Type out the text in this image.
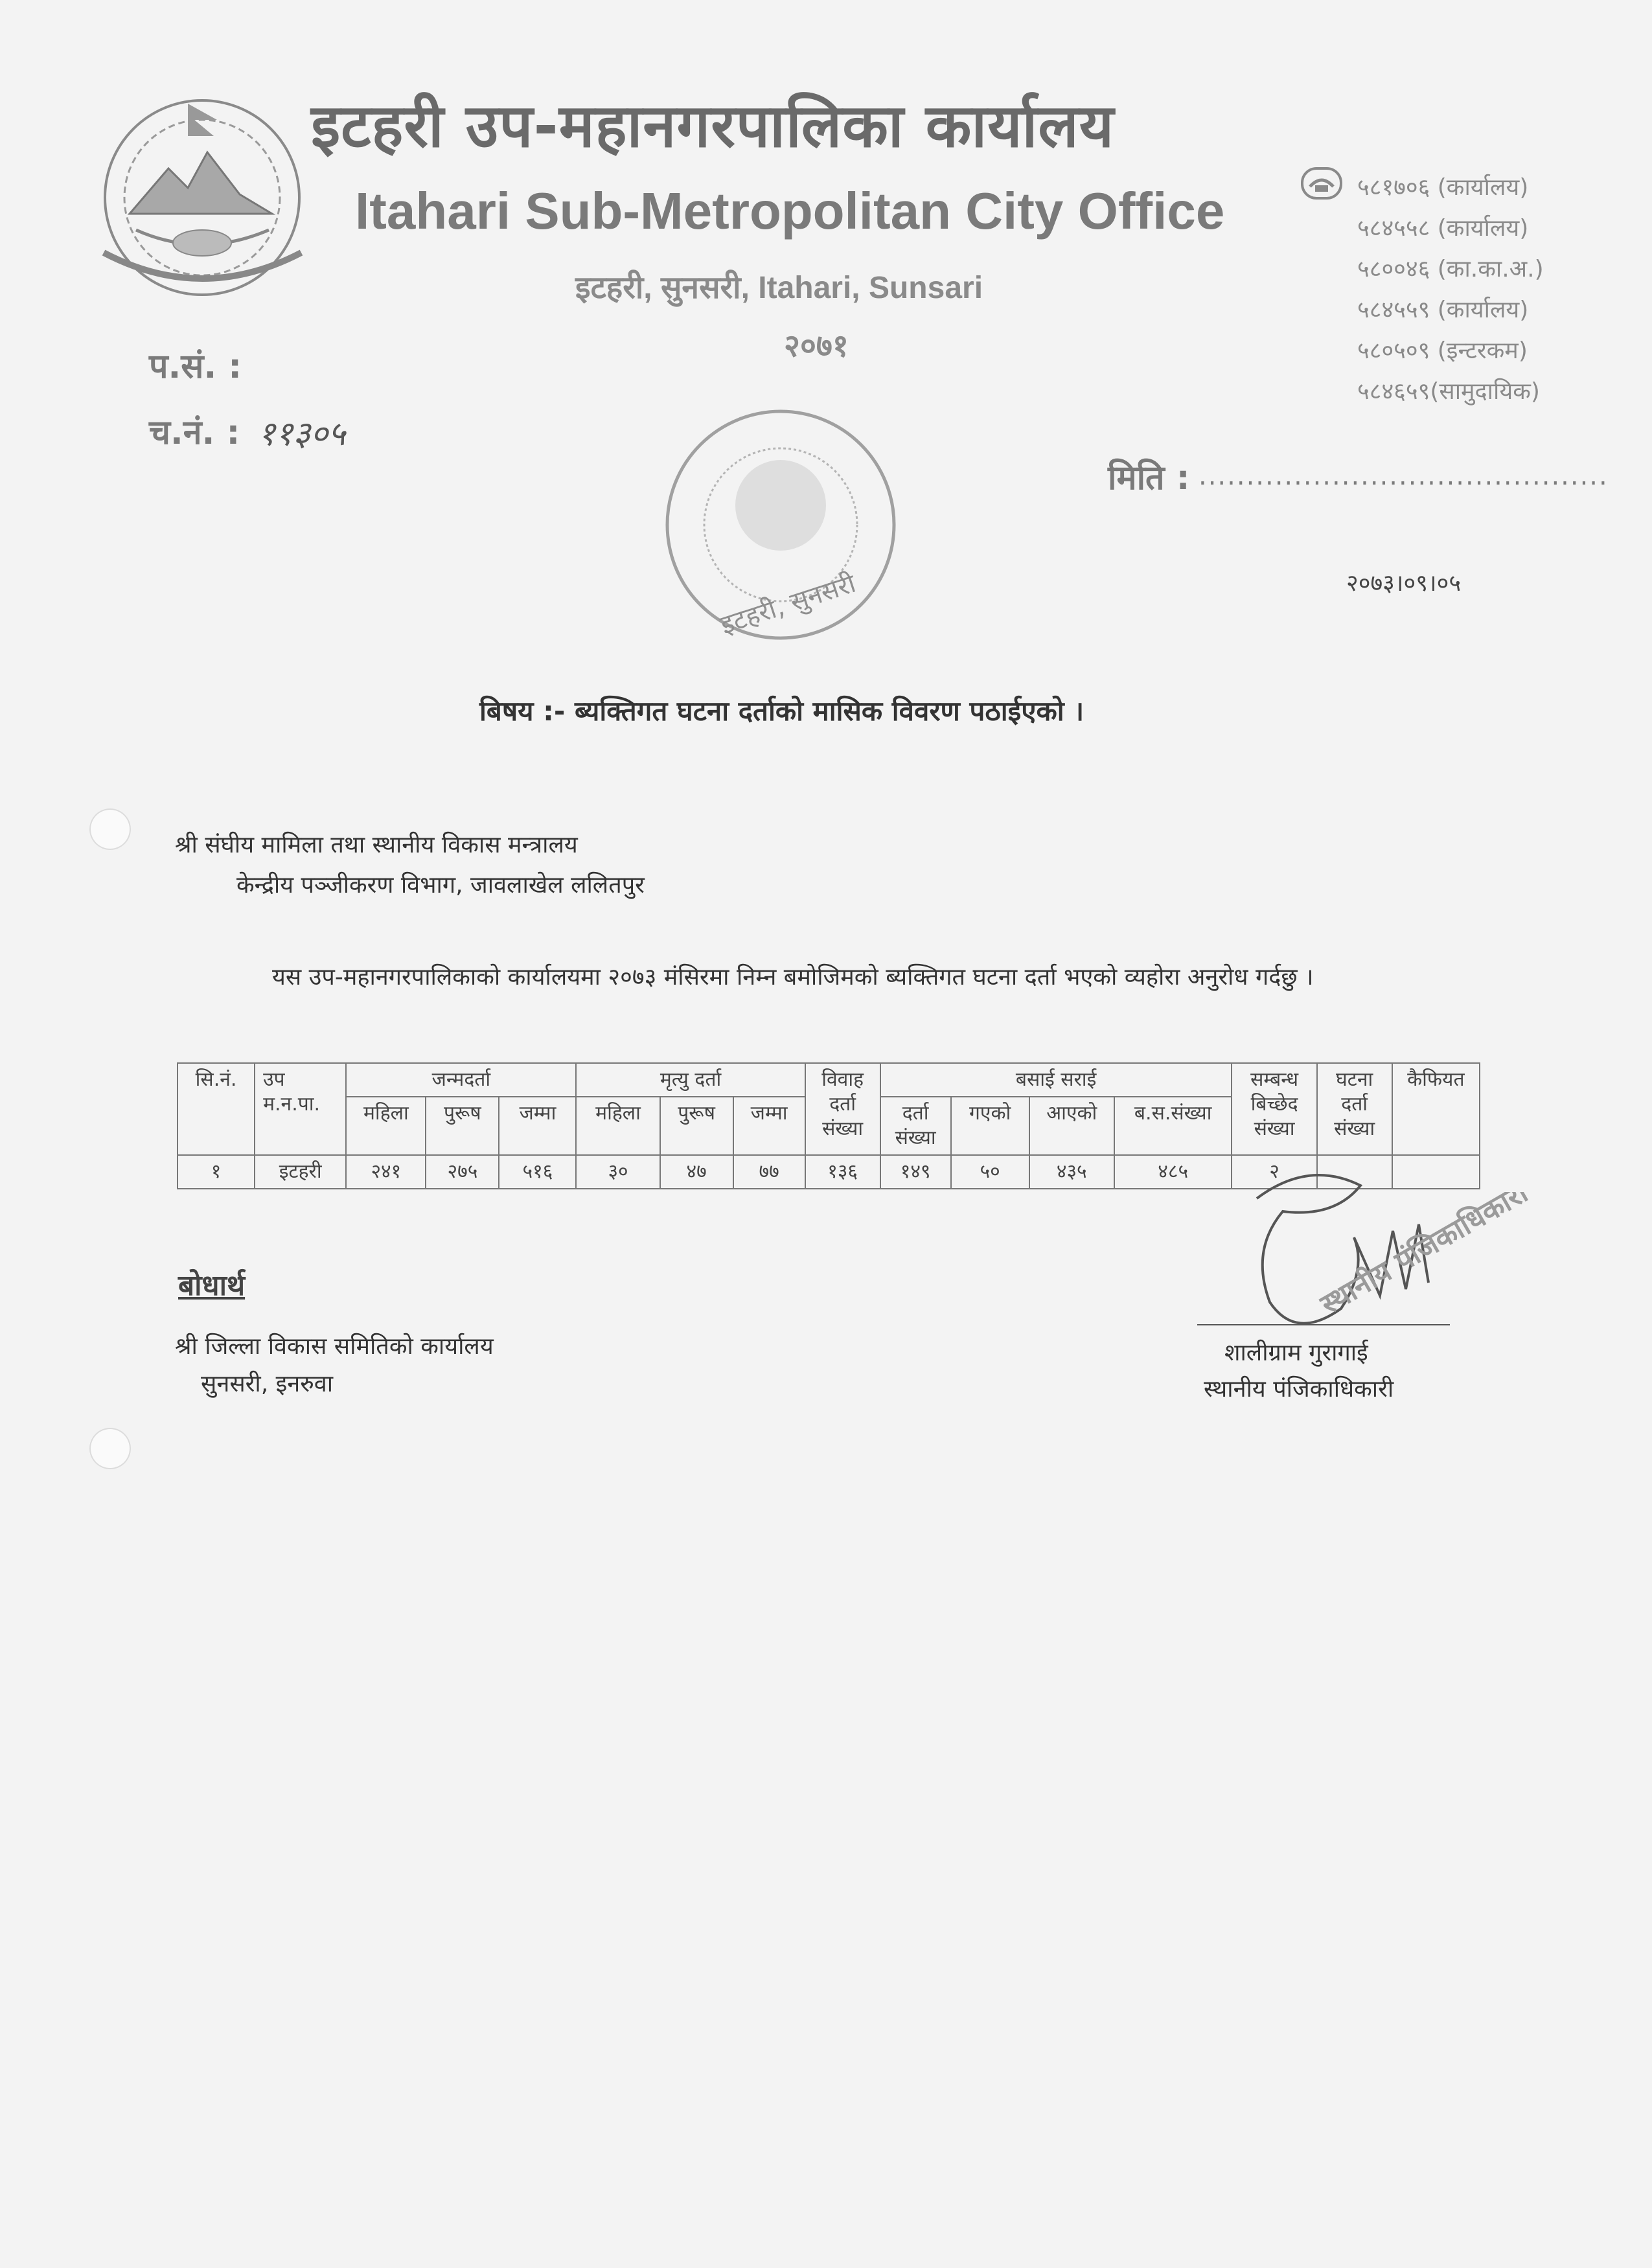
इटहरी उप-महानगरपालिका कार्यालय
Itahari Sub-Metropolitan City Office
इटहरी, सुनसरी, Itahari, Sunsari
२०७१
५८१७०६ (कार्यालय)
५८४५५८ (कार्यालय)
५८००४६ (का.का.अ.)
५८४५५९ (कार्यालय)
५८०५०९ (इन्टरकम)
५८४६५९(सामुदायिक)
प.सं. :
च.नं. : ११३०५
इटहरी, सुनसरी
मिति : ...........................................
२०७३।०९।०५
बिषय :- ब्यक्तिगत घटना दर्ताको मासिक विवरण पठाईएको ।
श्री संघीय मामिला तथा स्थानीय विकास मन्त्रालय
केन्द्रीय पञ्जीकरण विभाग, जावलाखेल ललितपुर
यस उप-महानगरपालिकाको कार्यालयमा २०७३ मंसिरमा निम्न बमोजिमको ब्यक्तिगत घटना दर्ता भएको व्यहोरा अनुरोध गर्दछु ।
सि.नं.	उप म.न.पा.	जन्मदर्ता			मृत्यु दर्ता			विवाह दर्ता संख्या	बसाई सराई				सम्बन्ध बिच्छेद संख्या	घटना दर्ता संख्या	कैफियत
		महिला	पुरूष	जम्मा	महिला	पुरूष	जम्मा		दर्ता संख्या	गएको	आएको	ब.स.संख्या			
१	इटहरी	२४१	२७५	५१६	३०	४७	७७	१३६	१४९	५०	४३५	४८५	२		
बोधार्थ
श्री जिल्ला विकास समितिको कार्यालय
सुनसरी, इनरुवा
स्थानीय पंजिकाधिकारी
शालीग्राम गुरागाई
स्थानीय पंजिकाधिकारी
